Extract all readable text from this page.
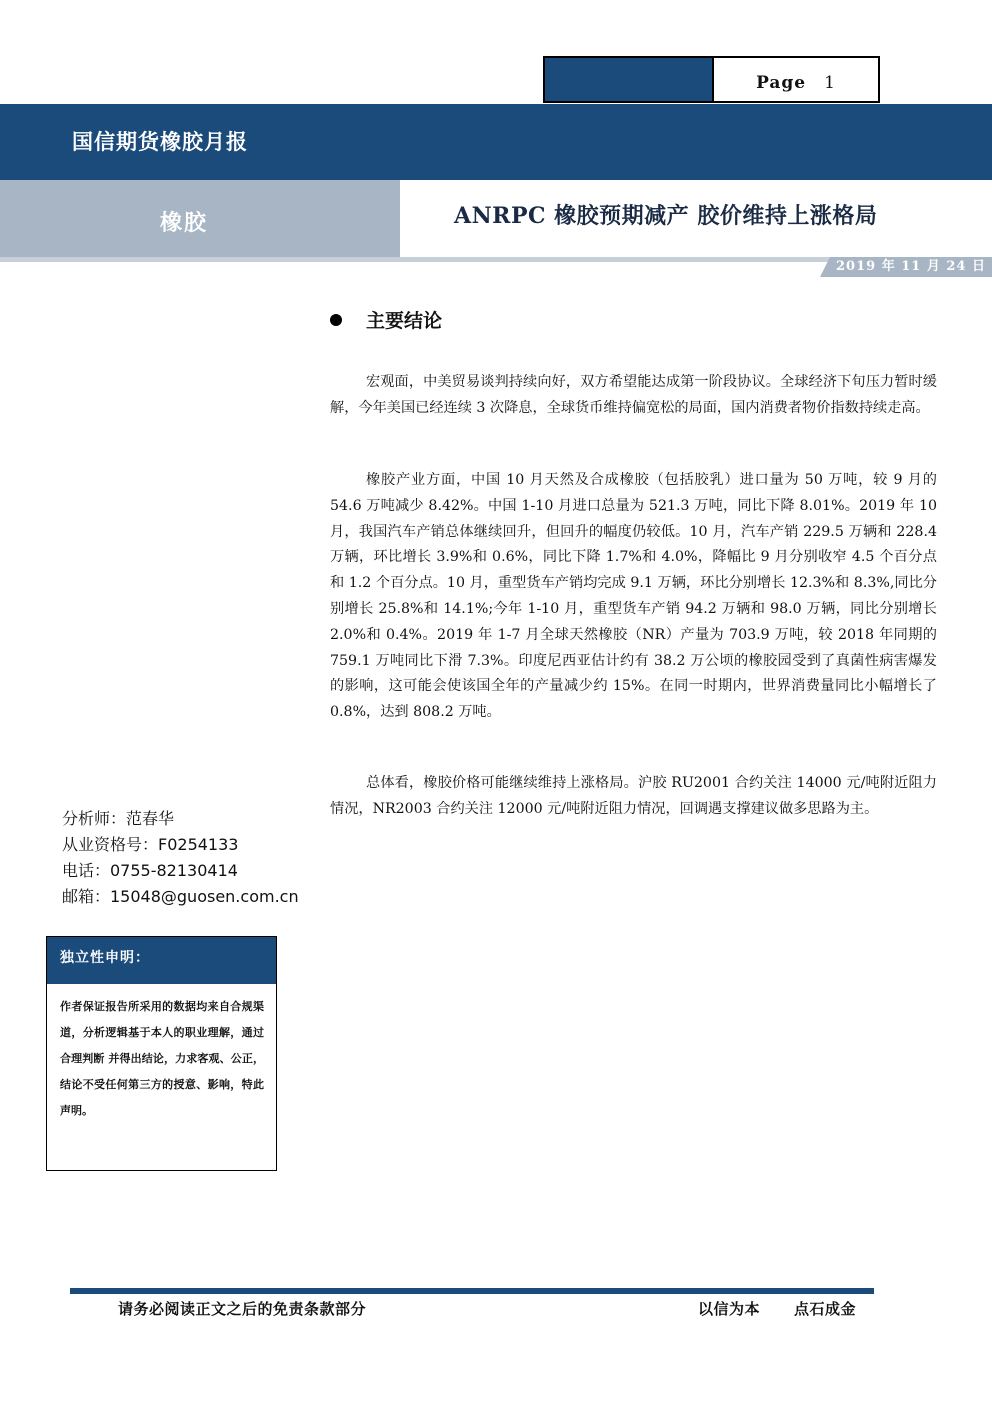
Page 1
国信期货橡胶月报
橡胶	ANRPC 橡胶预期减产 胶价维持上涨格局
2019 年 11 月 24 日
主要结论

宏观面，中美贸易谈判持续向好，双方希望能达成第一阶段协议。全球经济下旬压力暂时缓解，今年美国已经连续 3 次降息，全球货币维持偏宽松的局面，国内消费者物价指数持续走高。

橡胶产业方面，中国 10 月天然及合成橡胶（包括胶乳）进口量为 50 万吨，较 9 月的 54.6 万吨减少 8.42%。中国 1-10 月进口总量为 521.3 万吨，同比下降 8.01%。2019 年 10 月，我国汽车产销总体继续回升，但回升的幅度仍较低。10 月，汽车产销 229.5 万辆和 228.4 万辆，环比增长 3.9%和 0.6%，同比下降 1.7%和 4.0%，降幅比 9 月分别收窄 4.5 个百分点和 1.2 个百分点。10 月，重型货车产销均完成 9.1 万辆，环比分别增长 12.3%和 8.3%,同比分别增长 25.8%和 14.1%;今年 1-10 月，重型货车产销 94.2 万辆和 98.0 万辆，同比分别增长 2.0%和 0.4%。2019 年 1-7 月全球天然橡胶（NR）产量为 703.9 万吨，较 2018 年同期的 759.1 万吨同比下滑 7.3%。印度尼西亚估计约有 38.2 万公顷的橡胶园受到了真菌性病害爆发的影响，这可能会使该国全年的产量减少约 15%。在同一时期内，世界消费量同比小幅增长了 0.8%，达到 808.2 万吨。

总体看，橡胶价格可能继续维持上涨格局。沪胶 RU2001 合约关注 14000 元/吨附近阻力情况，NR2003 合约关注 12000 元/吨附近阻力情况，回调遇支撑建议做多思路为主。

分析师：范春华
从业资格号：F0254133
电话：0755-82130414
邮箱：15048@guosen.com.cn
独立性申明：
作者保证报告所采用的数据均来自合规渠道，分析逻辑基于本人的职业理解，通过合理判断 并得出结论，力求客观、公正，结论不受任何第三方的授意、影响，特此声明。
请务必阅读正文之后的免责条款部分	以信为本 点石成金
